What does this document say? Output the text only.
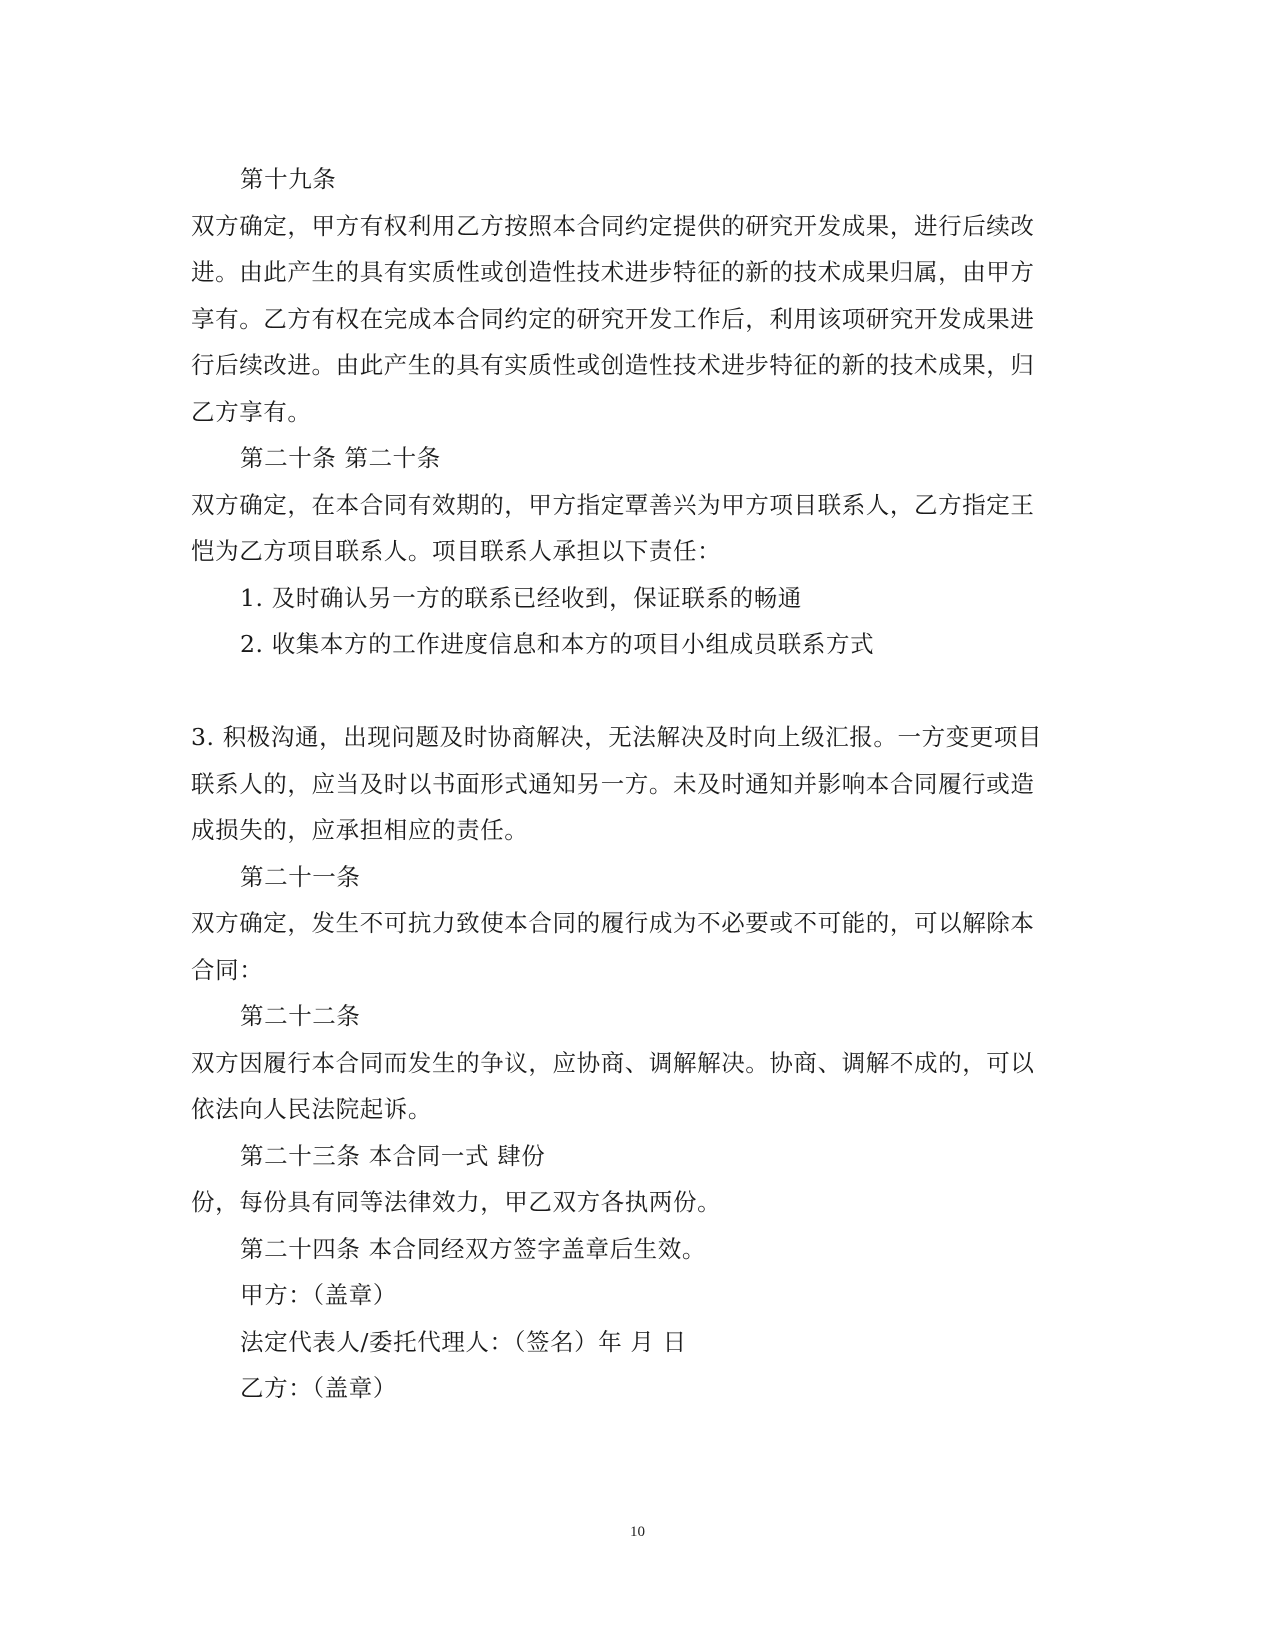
第十九条
双方确定，甲方有权利用乙方按照本合同约定提供的研究开发成果，进行后续改
进。由此产生的具有实质性或创造性技术进步特征的新的技术成果归属，由甲方
享有。乙方有权在完成本合同约定的研究开发工作后，利用该项研究开发成果进
行后续改进。由此产生的具有实质性或创造性技术进步特征的新的技术成果，归
乙方享有。
第二十条 第二十条
双方确定，在本合同有效期的，甲方指定覃善兴为甲方项目联系人，乙方指定王
恺为乙方项目联系人。项目联系人承担以下责任：
1. 及时确认另一方的联系已经收到，保证联系的畅通
2. 收集本方的工作进度信息和本方的项目小组成员联系方式
3. 积极沟通，出现问题及时协商解决，无法解决及时向上级汇报。一方变更项目
联系人的，应当及时以书面形式通知另一方。未及时通知并影响本合同履行或造
成损失的，应承担相应的责任。
第二十一条
双方确定，发生不可抗力致使本合同的履行成为不必要或不可能的，可以解除本
合同：
第二十二条
双方因履行本合同而发生的争议，应协商、调解解决。协商、调解不成的，可以
依法向人民法院起诉。
第二十三条 本合同一式 肆份
份，每份具有同等法律效力，甲乙双方各执两份。
第二十四条 本合同经双方签字盖章后生效。
甲方：（盖章）
法定代表人/委托代理人：（签名）年 月 日
乙方：（盖章）
10
